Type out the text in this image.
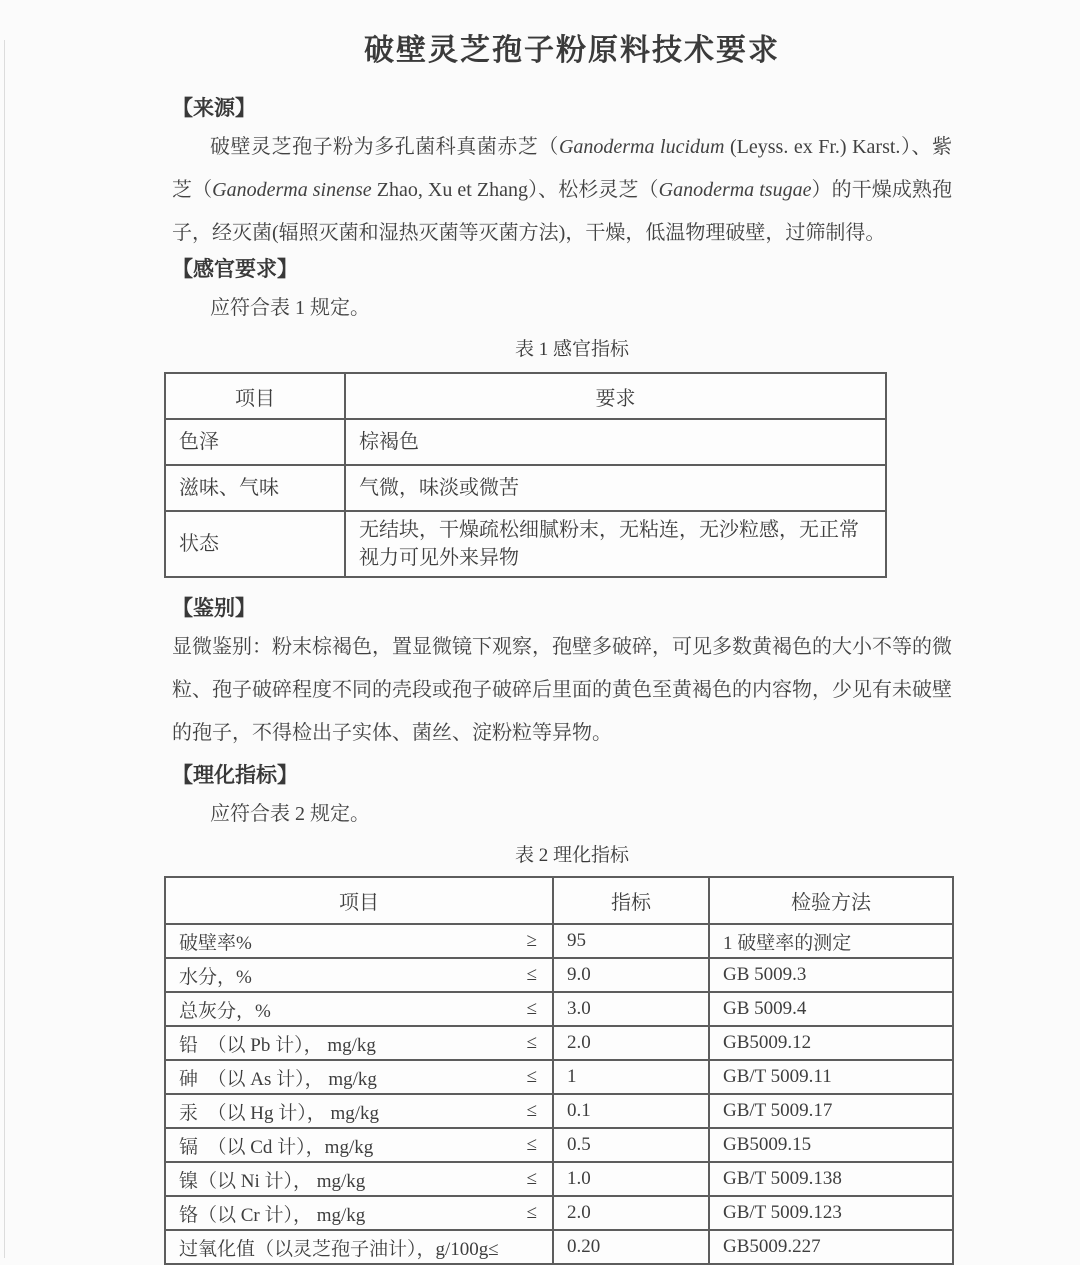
破壁灵芝孢子粉原料技术要求
【来源】

破壁灵芝孢子粉为多孔菌科真菌赤芝（Ganoderma lucidum (Leyss. ex Fr.) Karst.）、紫芝（Ganoderma sinense Zhao, Xu et Zhang）、松杉灵芝（Ganoderma tsugae）的干燥成熟孢子，经灭菌(辐照灭菌和湿热灭菌等灭菌方法)，干燥，低温物理破壁，过筛制得。

【感官要求】

应符合表 1 规定。

表 1 感官指标
项目	要求
色泽	棕褐色
滋味、气味	气微，味淡或微苦
状态	无结块，干燥疏松细腻粉末，无粘连，无沙粒感，无正常视力可见外来异物
【鉴别】

显微鉴别：粉末棕褐色，置显微镜下观察，孢壁多破碎，可见多数黄褐色的大小不等的微粒、孢子破碎程度不同的壳段或孢子破碎后里面的黄色至黄褐色的内容物，少见有未破壁的孢子，不得检出子实体、菌丝、淀粉粒等异物。

【理化指标】

应符合表 2 规定。

表 2 理化指标
项目	指标	检验方法

破壁率% ≥	95	1 破壁率的测定

水分，% ≤	9.0	GB 5009.3

总灰分，% ≤	3.0	GB 5009.4

铅　（以 Pb 计）， mg/kg ≤	2.0	GB5009.12

砷　（以 As 计）， mg/kg ≤	1	GB/T 5009.11

汞　（以 Hg 计）， mg/kg ≤	0.1	GB/T 5009.17

镉　（以 Cd 计），mg/kg ≤	0.5	GB5009.15

镍（以 Ni 计）， mg/kg ≤	1.0	GB/T 5009.138

铬（以 Cr 计）， mg/kg ≤	2.0	GB/T 5009.123

过氧化值（以灵芝孢子油计），g/100g≤	0.20	GB5009.227
